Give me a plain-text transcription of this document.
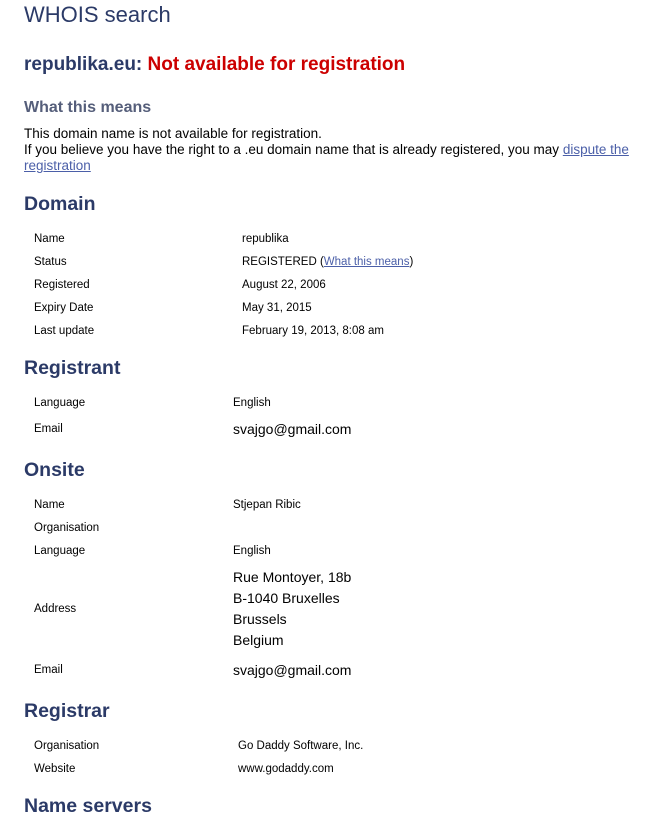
WHOIS search
republika.eu: Not available for registration
What this means
This domain name is not available for registration.
If you believe you have the right to a .eu domain name that is already registered, you may dispute the registration
Domain
Name	republika
Status	REGISTERED (What this means)
Registered	August 22, 2006
Expiry Date	May 31, 2015
Last update	February 19, 2013, 8:08 am
Registrant
Language	English
Email	svajgo@gmail.com
Onsite
Name	Stjepan Ribic
Organisation
Language	English
Address
Rue Montoyer, 18b
B-1040 Bruxelles
Brussels
Belgium
Email	svajgo@gmail.com
Registrar
Organisation	Go Daddy Software, Inc.
Website	www.godaddy.com
Name servers
